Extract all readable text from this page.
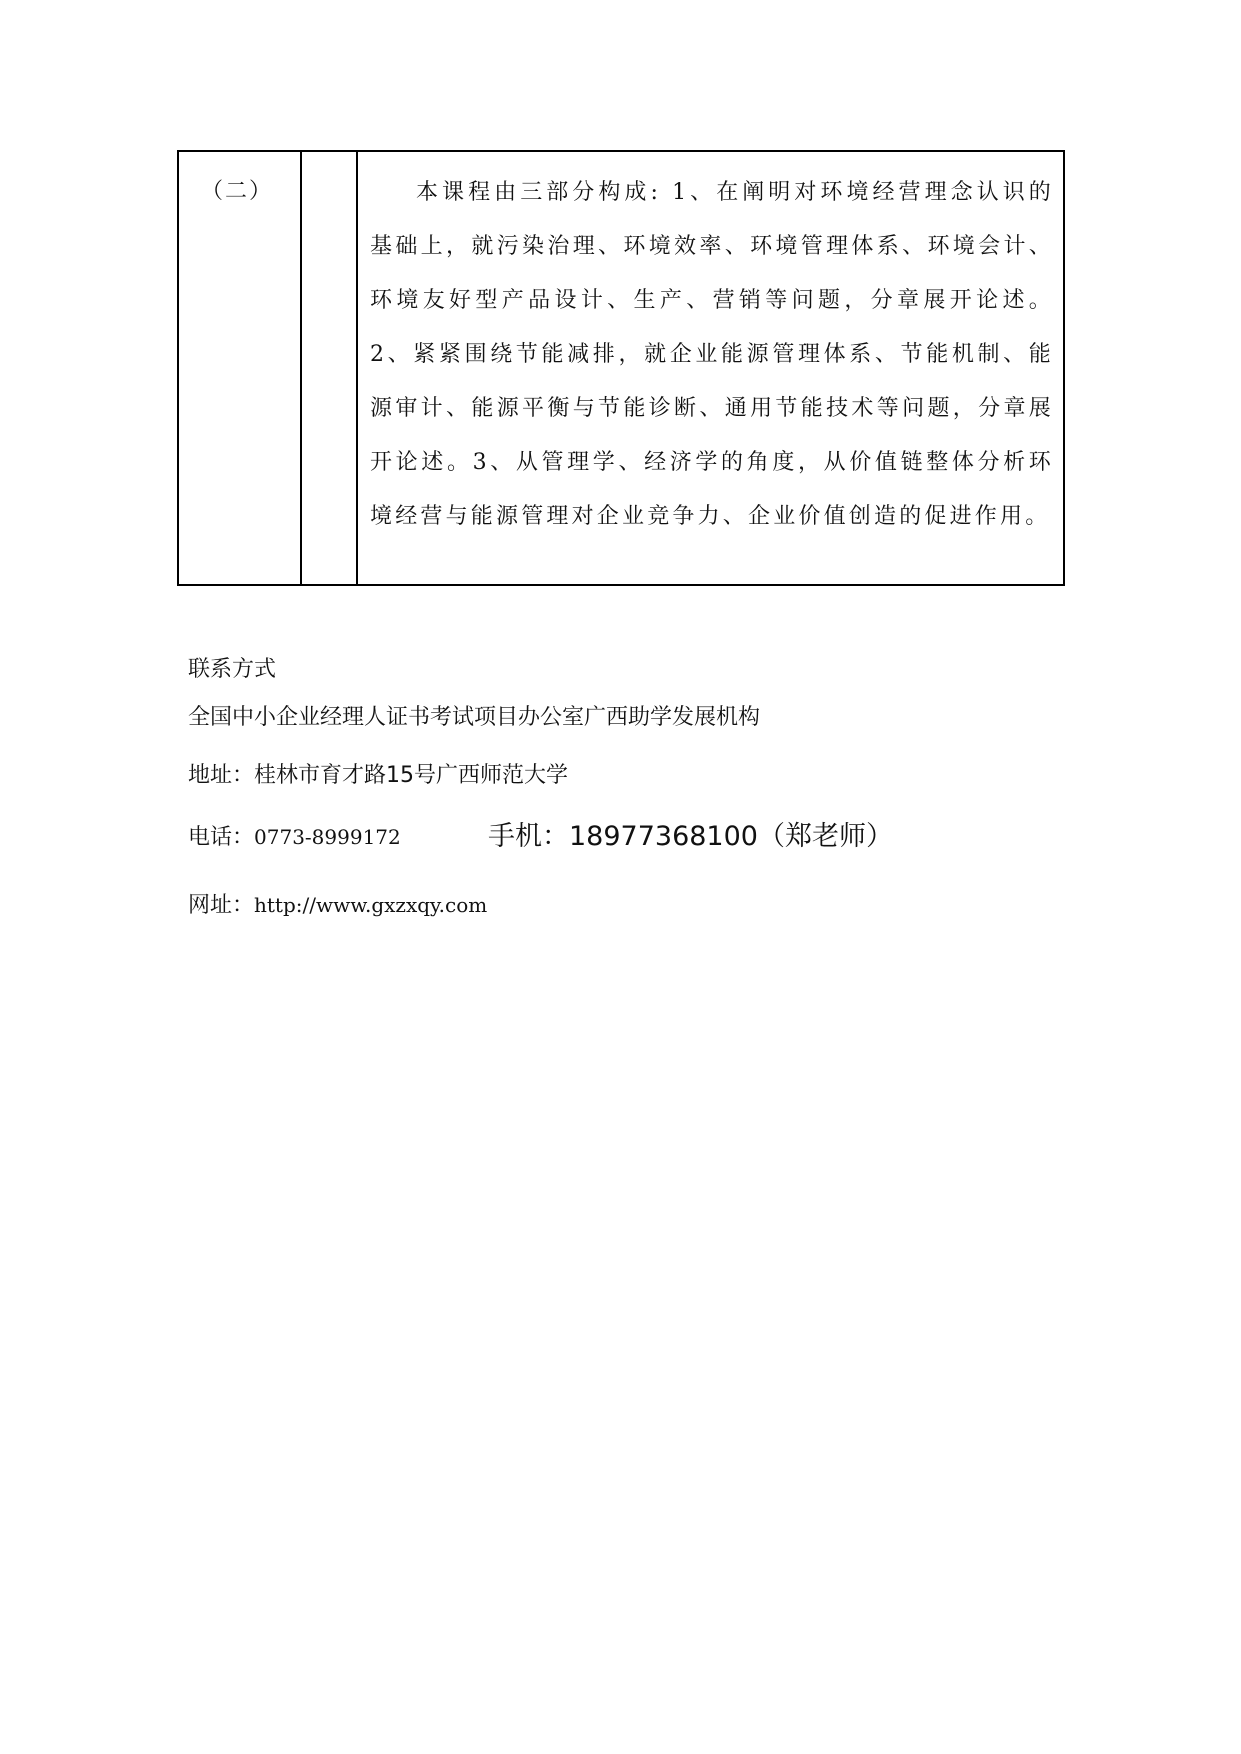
（二）	本课程由三部分构成: 1、在阐明对环境经营理念认识的基础上，就污染治理、环境效率、环境管理体系、环境会计、环境友好型产品设计、生产、营销等问题，分章展开论述。2、紧紧围绕节能减排，就企业能源管理体系、节能机制、能源审计、能源平衡与节能诊断、通用节能技术等问题，分章展开论述。3、从管理学、经济学的角度，从价值链整体分析环境经营与能源管理对企业竞争力、企业价值创造的促进作用。

联系方式
全国中小企业经理人证书考试项目办公室广西助学发展机构
地址：桂林市育才路15号广西师范大学
电话：0773-8999172	手机：18977368100（郑老师）
网址：http://www.gxzxqy.com
